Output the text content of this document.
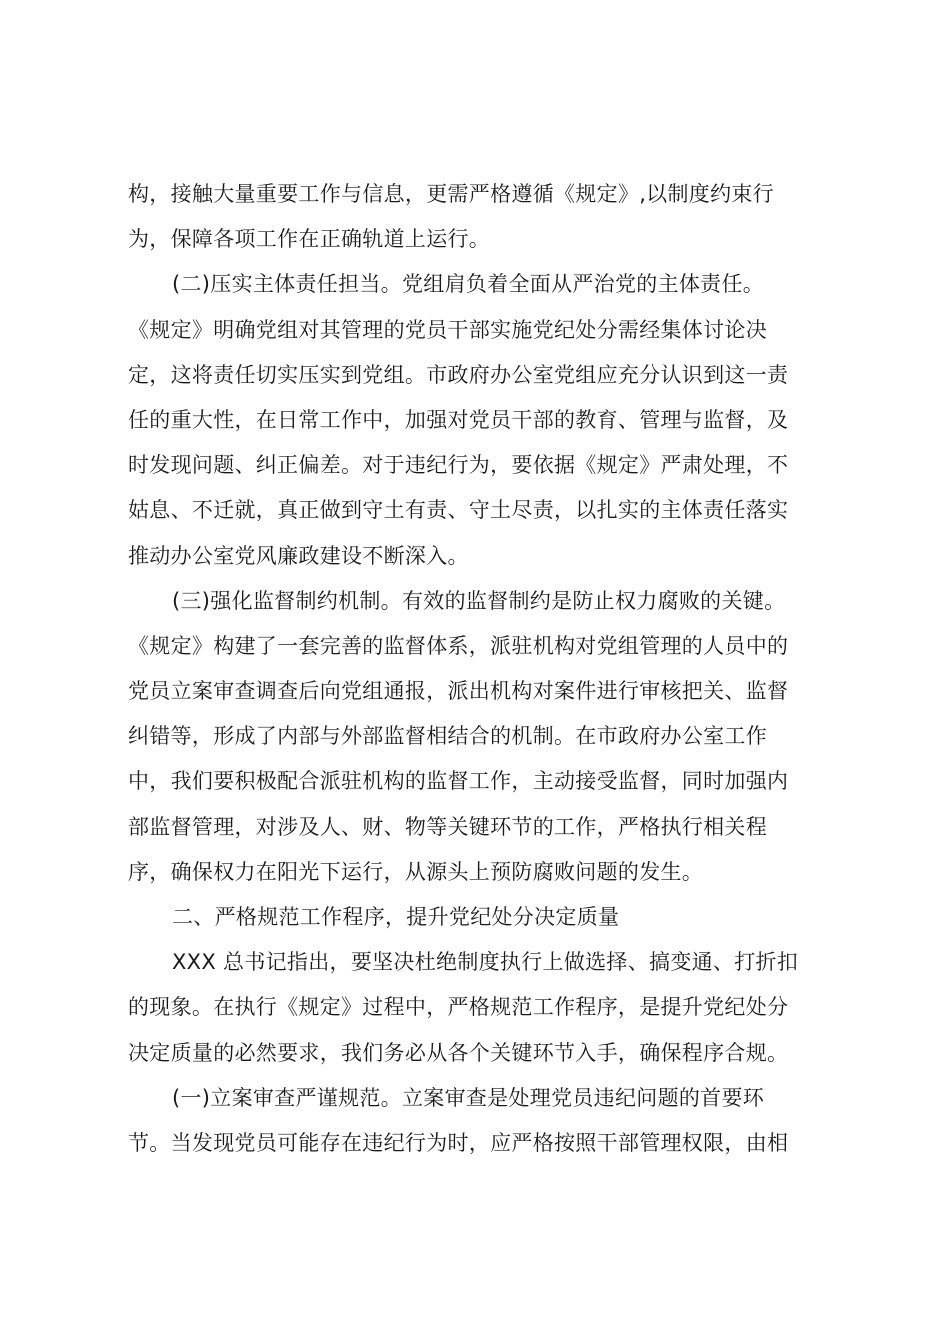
构，接触大量重要工作与信息，更需严格遵循《规定》,以制度约束行
为，保障各项工作在正确轨道上运行。

(二)压实主体责任担当。党组肩负着全面从严治党的主体责任。
《规定》明确党组对其管理的党员干部实施党纪处分需经集体讨论决
定，这将责任切实压实到党组。市政府办公室党组应充分认识到这一责
任的重大性，在日常工作中，加强对党员干部的教育、管理与监督，及
时发现问题、纠正偏差。对于违纪行为，要依据《规定》严肃处理，不
姑息、不迁就，真正做到守土有责、守土尽责，以扎实的主体责任落实
推动办公室党风廉政建设不断深入。

(三)强化监督制约机制。有效的监督制约是防止权力腐败的关键。
《规定》构建了一套完善的监督体系，派驻机构对党组管理的人员中的
党员立案审查调查后向党组通报，派出机构对案件进行审核把关、监督
纠错等，形成了内部与外部监督相结合的机制。在市政府办公室工作
中，我们要积极配合派驻机构的监督工作，主动接受监督，同时加强内
部监督管理，对涉及人、财、物等关键环节的工作，严格执行相关程
序，确保权力在阳光下运行，从源头上预防腐败问题的发生。

二、严格规范工作程序，提升党纪处分决定质量

XXX 总书记指出，要坚决杜绝制度执行上做选择、搞变通、打折扣
的现象。在执行《规定》过程中，严格规范工作程序，是提升党纪处分
决定质量的必然要求，我们务必从各个关键环节入手，确保程序合规。

(一)立案审查严谨规范。立案审查是处理党员违纪问题的首要环
节。当发现党员可能存在违纪行为时，应严格按照干部管理权限，由相
